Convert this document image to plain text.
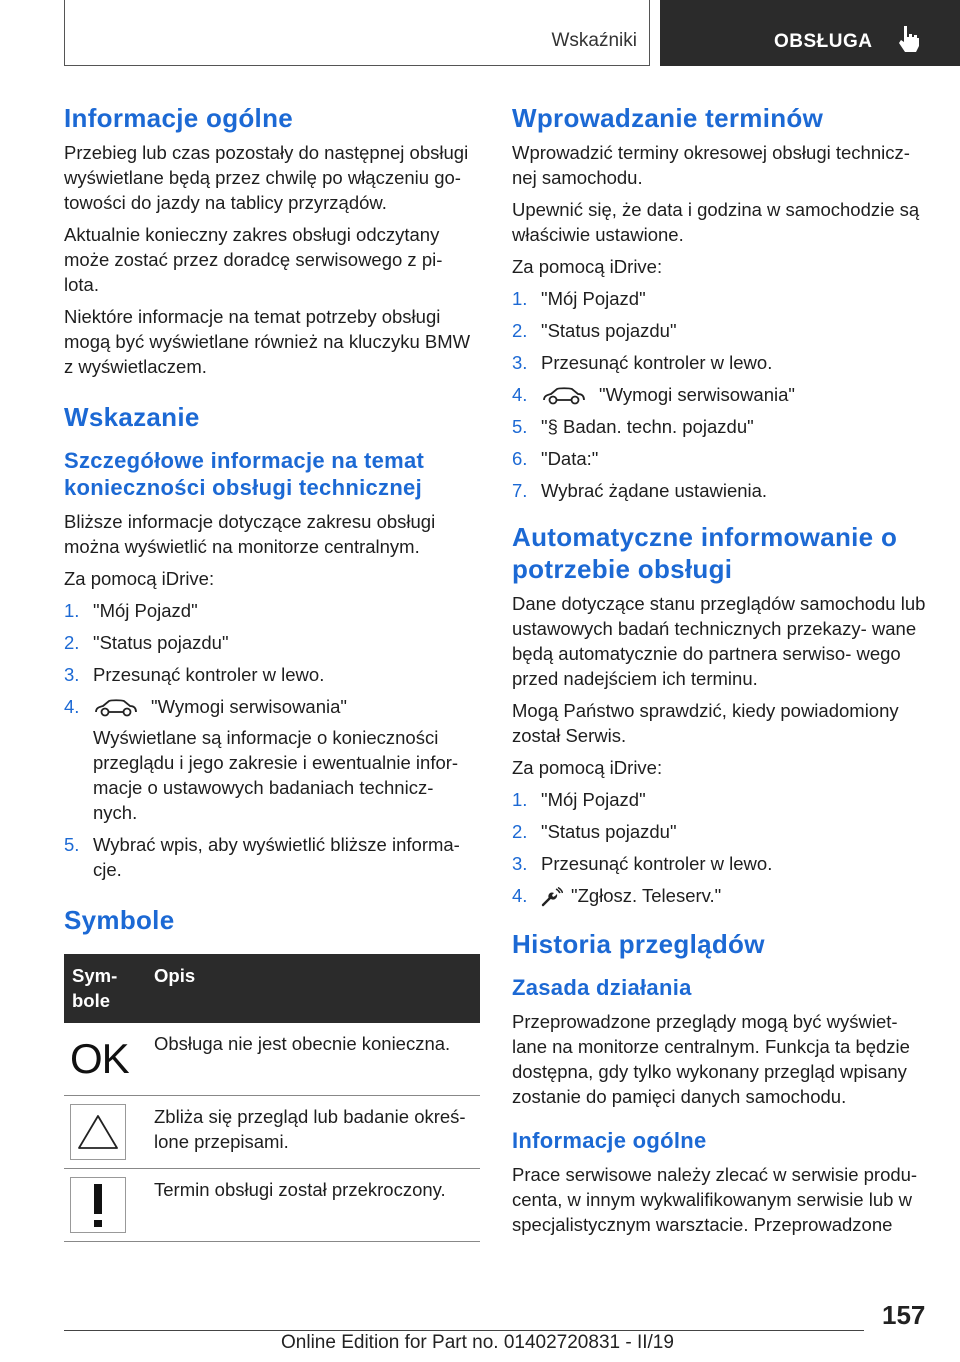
Wskaźniki	OBSŁUGA
Informacje ogólne

Przebieg lub czas pozostały do następnej obsługi wyświetlane będą przez chwilę po włączeniu go- towości do jazdy na tablicy przyrządów.

Aktualnie konieczny zakres obsługi odczytany może zostać przez doradcę serwisowego z pi- lota.

Niektóre informacje na temat potrzeby obsługi mogą być wyświetlane również na kluczyku BMW z wyświetlaczem.

Wskazanie
Szczegółowe informacje na temat konieczności obsługi technicznej

Bliższe informacje dotyczące zakresu obsługi można wyświetlić na monitorze centralnym.

Za pomocą iDrive:

1. "Mój Pojazd"
2. "Status pojazdu"
3. Przesunąć kontroler w lewo.
4.	"Wymogi serwisowania"
Wyświetlane są informacje o konieczności przeglądu i jego zakresie i ewentualnie infor- macje o ustawowych badaniach technicz- nych.
5. Wybrać wpis, aby wyświetlić bliższe informa- cje.
Symbole
Sym- bole	Opis

OK	Obsługa nie jest obecnie konieczna.

	Zbliża się przegląd lub badanie okreś- lone przepisami.

	Termin obsługi został przekroczony.
Wprowadzanie terminów

Wprowadzić terminy okresowej obsługi technicz- nej samochodu.

Upewnić się, że data i godzina w samochodzie są właściwie ustawione.

Za pomocą iDrive:

1. "Mój Pojazd"
2. "Status pojazdu"
3. Przesunąć kontroler w lewo.
4.	"Wymogi serwisowania"
5. "§ Badan. techn. pojazdu"
6. "Data:"
7. Wybrać żądane ustawienia.
Automatyczne informowanie o potrzebie obsługi

Dane dotyczące stanu przeglądów samochodu lub ustawowych badań technicznych przekazy- wane będą automatycznie do partnera serwiso- wego przed nadejściem ich terminu.

Mogą Państwo sprawdzić, kiedy powiadomiony został Serwis.

Za pomocą iDrive:

1. "Mój Pojazd"
2. "Status pojazdu"
3. Przesunąć kontroler w lewo.
4. "Zgłosz. Teleserv."
Historia przeglądów
Zasada działania

Przeprowadzone przeglądy mogą być wyświet- lane na monitorze centralnym. Funkcja ta będzie dostępna, gdy tylko wykonany przegląd wpisany zostanie do pamięci danych samochodu.

Informacje ogólne

Prace serwisowe należy zlecać w serwisie produ- centa, w innym wykwalifikowanym serwisie lub w specjalistycznym warsztacie. Przeprowadzone

157
Online Edition for Part no. 01402720831 - II/19
